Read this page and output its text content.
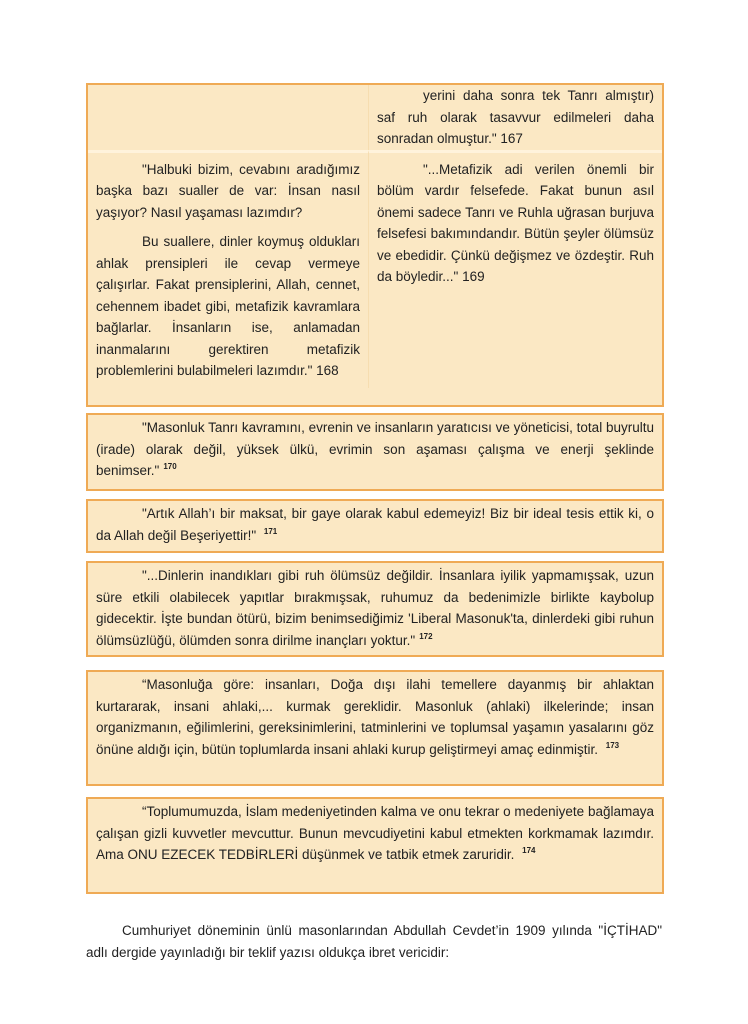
yerini daha sonra tek Tanrı almıştır) saf ruh olarak tasavvur edilmeleri daha sonradan olmuştur." 167

"Halbuki bizim, cevabını aradığımız başka bazı sualler de var: İnsan nasıl yaşıyor? Nasıl yaşaması lazımdır?

Bu suallere, dinler koymuş oldukları ahlak prensipleri ile cevap vermeye çalışırlar. Fakat prensiplerini, Allah, cennet, cehennem ibadet gibi, metafizik kavramlara bağlarlar. İnsanların ise, anlamadan inanmalarını gerektiren metafizik problemlerini bulabilmeleri lazımdır." 168

"...Metafizik adi verilen önemli bir bölüm vardır felsefede. Fakat bunun asıl önemi sadece Tanrı ve Ruhla uğrasan burjuva felsefesi bakımındandır. Bütün şeyler ölümsüz ve ebedidir. Çünkü değişmez ve özdeştir. Ruh da böyledir..." 169

"Masonluk Tanrı kavramını, evrenin ve insanların yaratıcısı ve yöneticisi, total buyrultu (irade) olarak değil, yüksek ülkü, evrimin son aşaması çalışma ve enerji şeklinde benimser." $^{170}$

"Artık Allah’ı bir maksat, bir gaye olarak kabul edemeyiz! Biz bir ideal tesis ettik ki, o da Allah değil Beşeriyettir!" $^{171}$

"...Dinlerin inandıkları gibi ruh ölümsüz değildir. İnsanlara iyilik yapmamışsak, uzun süre etkili olabilecek yapıtlar bırakmışsak, ruhumuz da bedenimizle birlikte kaybolup gidecektir. İşte bundan ötürü, bizim benimsediğimiz 'Liberal Masonuk'ta, dinlerdeki gibi ruhun ölümsüzlüğü, ölümden sonra dirilme inançları yoktur." $^{172}$

“Masonluğa göre: insanları, Doğa dışı ilahi temellere dayanmış bir ahlaktan kurtararak, insani ahlaki,... kurmak gereklidir. Masonluk (ahlaki) ilkelerinde; insan organizmanın, eğilimlerini, gereksinimlerini, tatminlerini ve toplumsal yaşamın yasalarını göz önüne aldığı için, bütün toplumlarda insani ahlaki kurup geliştirmeyi amaç edinmiştir. $^{173}$

“Toplumumuzda, İslam medeniyetinden kalma ve onu tekrar o medeniyete bağlamaya çalışan gizli kuvvetler mevcuttur. Bunun mevcudiyetini kabul etmekten korkmamak lazımdır. Ama ONU EZECEK TEDBİRLERİ düşünmek ve tatbik etmek zaruridir. $^{174}$

Cumhuriyet döneminin ünlü masonlarından Abdullah Cevdet’in 1909 yılında "İÇTİHAD" adlı dergide yayınladığı bir teklif yazısı oldukça ibret vericidir:
